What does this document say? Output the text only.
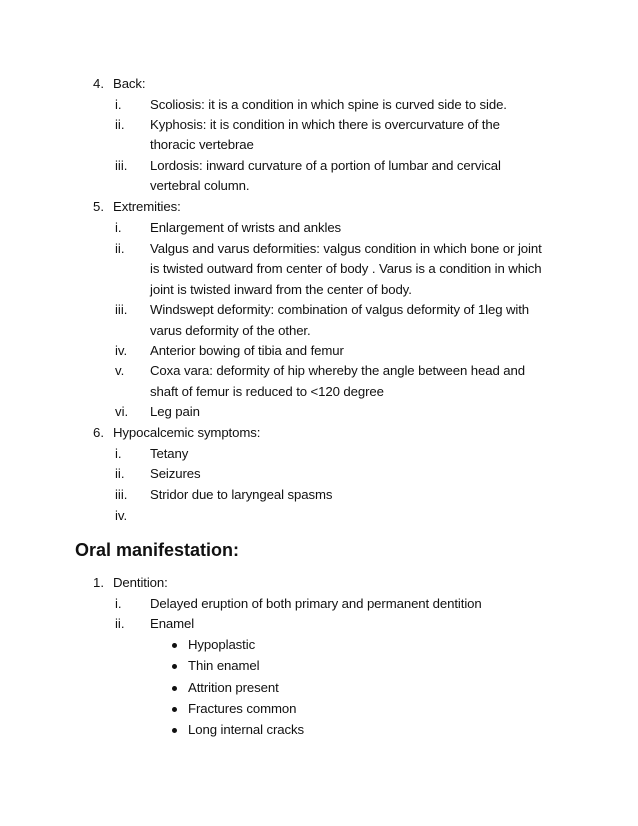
4. Back:
i. Scoliosis: it is a condition in which spine is curved side to side.
ii. Kyphosis: it is condition in which there is overcurvature of the
thoracic vertebrae
iii. Lordosis: inward curvature of a portion of lumbar and cervical
vertebral column.
5. Extremities:
i. Enlargement of wrists and ankles
ii. Valgus and varus deformities: valgus condition in which bone or joint
is twisted outward from center of body . Varus is a condition in which
joint is twisted inward from the center of body.
iii. Windswept deformity: combination of valgus deformity of 1leg with
varus deformity of the other.
iv. Anterior bowing of tibia and femur
v. Coxa vara: deformity of hip whereby the angle between head and
shaft of femur is reduced to <120 degree
vi. Leg pain
6. Hypocalcemic symptoms:
i. Tetany
ii. Seizures
iii. Stridor due to laryngeal spasms
iv.
Oral manifestation:
1. Dentition:
i. Delayed eruption of both primary and permanent dentition
ii. Enamel
Hypoplastic
Thin enamel
Attrition present
Fractures common
Long internal cracks
